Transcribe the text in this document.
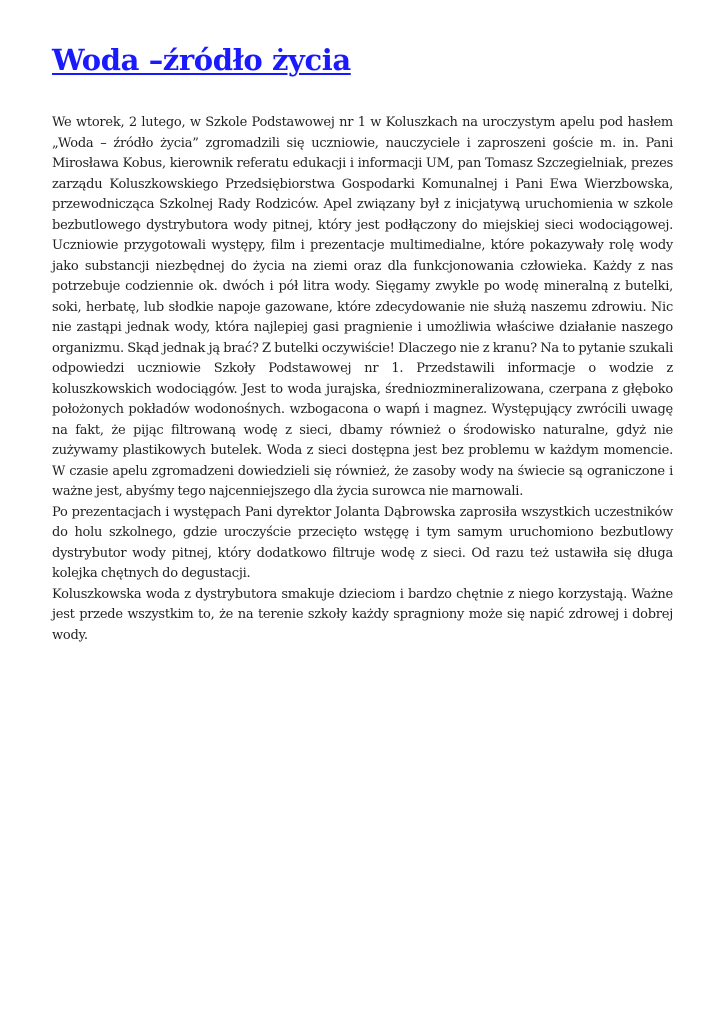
Woda –źródło życia

We wtorek, 2 lutego, w Szkole Podstawowej nr 1 w Koluszkach na uroczystym apelu pod hasłem „Woda – źródło życia” zgromadzili się uczniowie, nauczyciele i zaproszeni goście m. in. Pani Mirosława Kobus, kierownik referatu edukacji i informacji UM, pan Tomasz Szczegielniak, prezes zarządu Koluszkowskiego Przedsiębiorstwa Gospodarki Komunalnej i Pani Ewa Wierzbowska, przewodnicząca Szkolnej Rady Rodziców. Apel związany był z inicjatywą uruchomienia w szkole bezbutlowego dystrybutora wody pitnej, który jest podłączony do miejskiej sieci wodociągowej. Uczniowie przygotowali występy, film i prezentacje multimedialne, które pokazywały rolę wody jako substancji niezbędnej do życia na ziemi oraz dla funkcjonowania człowieka. Każdy z nas potrzebuje codziennie ok. dwóch i pół litra wody. Sięgamy zwykle po wodę mineralną z butelki, soki, herbatę, lub słodkie napoje gazowane, które zdecydowanie nie służą naszemu zdrowiu. Nic nie zastąpi jednak wody, która najlepiej gasi pragnienie i umożliwia właściwe działanie naszego organizmu. Skąd jednak ją brać? Z butelki oczywiście! Dlaczego nie z kranu? Na to pytanie szukali odpowiedzi uczniowie Szkoły Podstawowej nr 1. Przedstawili informacje o wodzie z koluszkowskich wodociągów. Jest to woda jurajska, średniozmineralizowana, czerpana z głęboko położonych pokładów wodonośnych. wzbogacona o wapń i magnez. Występujący zwrócili uwagę na fakt, że pijąc filtrowaną wodę z sieci, dbamy również o środowisko naturalne, gdyż nie zużywamy plastikowych butelek. Woda z sieci dostępna jest bez problemu w każdym momencie. W czasie apelu zgromadzeni dowiedzieli się również, że zasoby wody na świecie są ograniczone i ważne jest, abyśmy tego najcenniejszego dla życia surowca nie marnowali.

Po prezentacjach i występach Pani dyrektor Jolanta Dąbrowska zaprosiła wszystkich uczestników do holu szkolnego, gdzie uroczyście przecięto wstęgę i tym samym uruchomiono bezbutlowy dystrybutor wody pitnej, który dodatkowo filtruje wodę z sieci. Od razu też ustawiła się długa kolejka chętnych do degustacji.

Koluszkowska woda z dystrybutora smakuje dzieciom i bardzo chętnie z niego korzystają. Ważne jest przede wszystkim to, że na terenie szkoły każdy spragniony może się napić zdrowej i dobrej wody.
